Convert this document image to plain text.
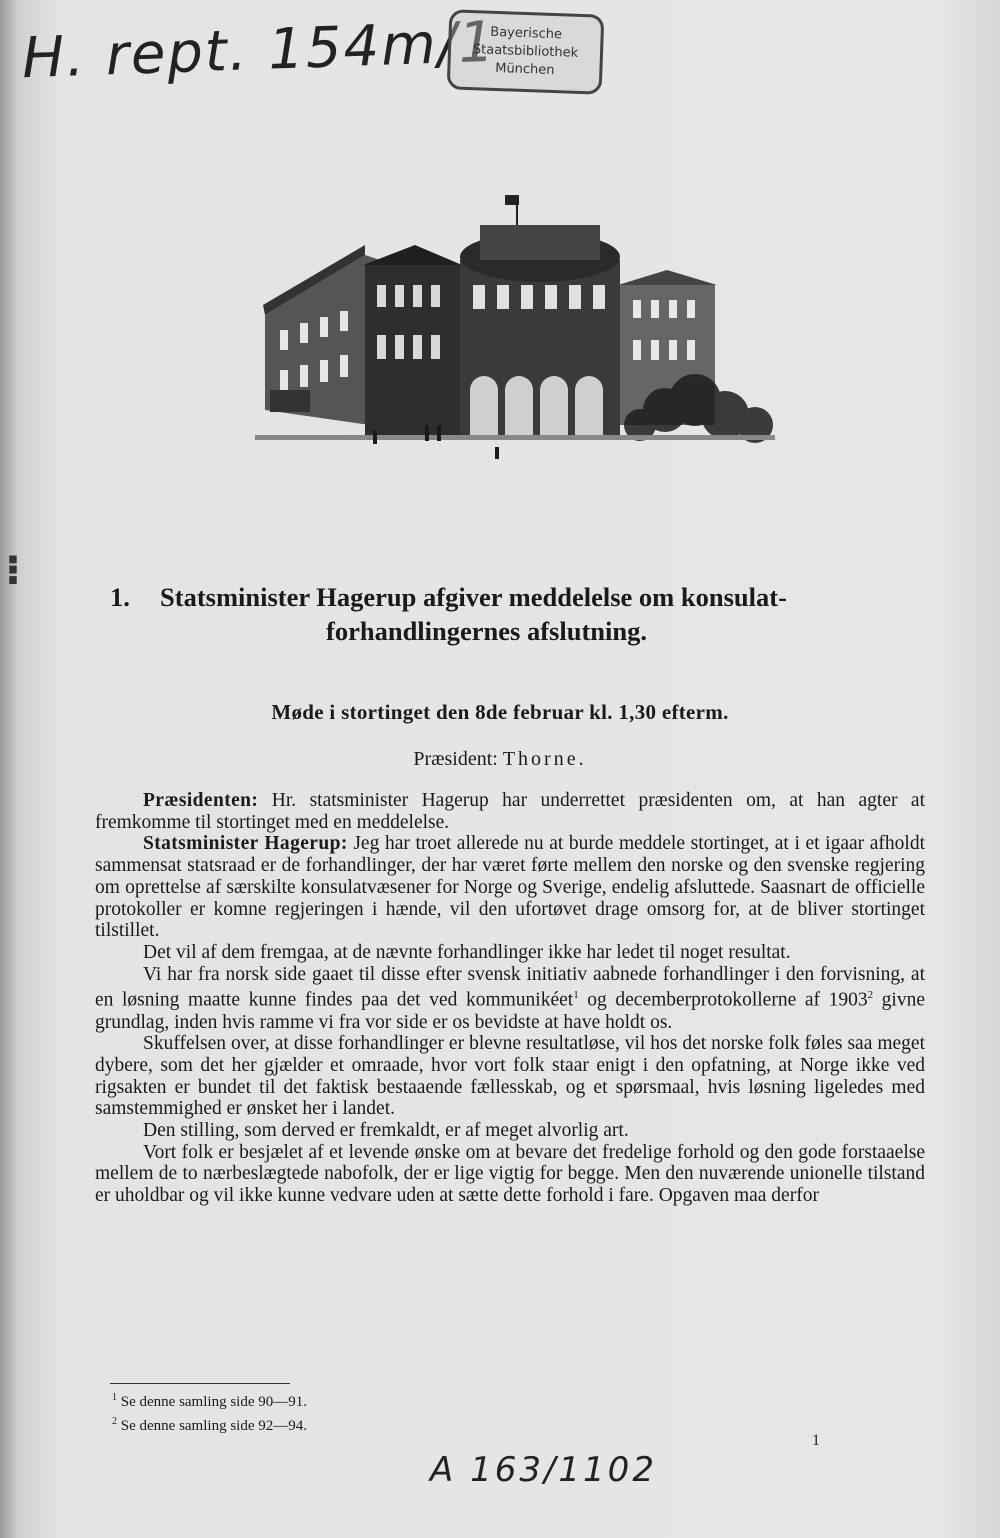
H. rept. 154m/1
Bayerische
Staatsbibliothek
München
⁝
1. Statsminister Hagerup afgiver meddelelse om konsulat-
forhandlingernes afslutning.
Møde i stortinget den 8de februar kl. 1,30 efterm.
Præsident: Thorne.

Præsidenten: Hr. statsminister Hagerup har underrettet præsidenten om, at han agter at fremkomme til stortinget med en meddelelse.

Statsminister Hagerup: Jeg har troet allerede nu at burde meddele stortinget, at i et igaar afholdt sammensat statsraad er de forhandlinger, der har været førte mellem den norske og den svenske regjering om oprettelse af særskilte konsulatvæsener for Norge og Sverige, endelig afsluttede. Saasnart de officielle protokoller er komne regjeringen i hænde, vil den ufortøvet drage omsorg for, at de bliver stortinget tilstillet.

Det vil af dem fremgaa, at de nævnte forhandlinger ikke har ledet til noget resultat.

Vi har fra norsk side gaaet til disse efter svensk initiativ aabnede forhandlinger i den forvisning, at en løsning maatte kunne findes paa det ved kommunikéet$^1$ og decemberprotokollerne af 1903$^2$ givne grundlag, inden hvis ramme vi fra vor side er os bevidste at have holdt os.

Skuffelsen over, at disse forhandlinger er blevne resultatløse, vil hos det norske folk føles saa meget dybere, som det her gjælder et omraade, hvor vort folk staar enigt i den opfatning, at Norge ikke ved rigsakten er bundet til det faktisk bestaaende fællesskab, og et spørsmaal, hvis løsning ligeledes med samstemmighed er ønsket her i landet.

Den stilling, som derved er fremkaldt, er af meget alvorlig art.

Vort folk er besjælet af et levende ønske om at bevare det fredelige forhold og den gode forstaaelse mellem de to nærbeslægtede nabofolk, der er lige vigtig for begge. Men den nuværende unionelle tilstand er uholdbar og vil ikke kunne vedvare uden at sætte dette forhold i fare. Opgaven maa derfor

$^1$ Se denne samling side 90—91.
$^2$ Se denne samling side 92—94.
1
A 163/1102
